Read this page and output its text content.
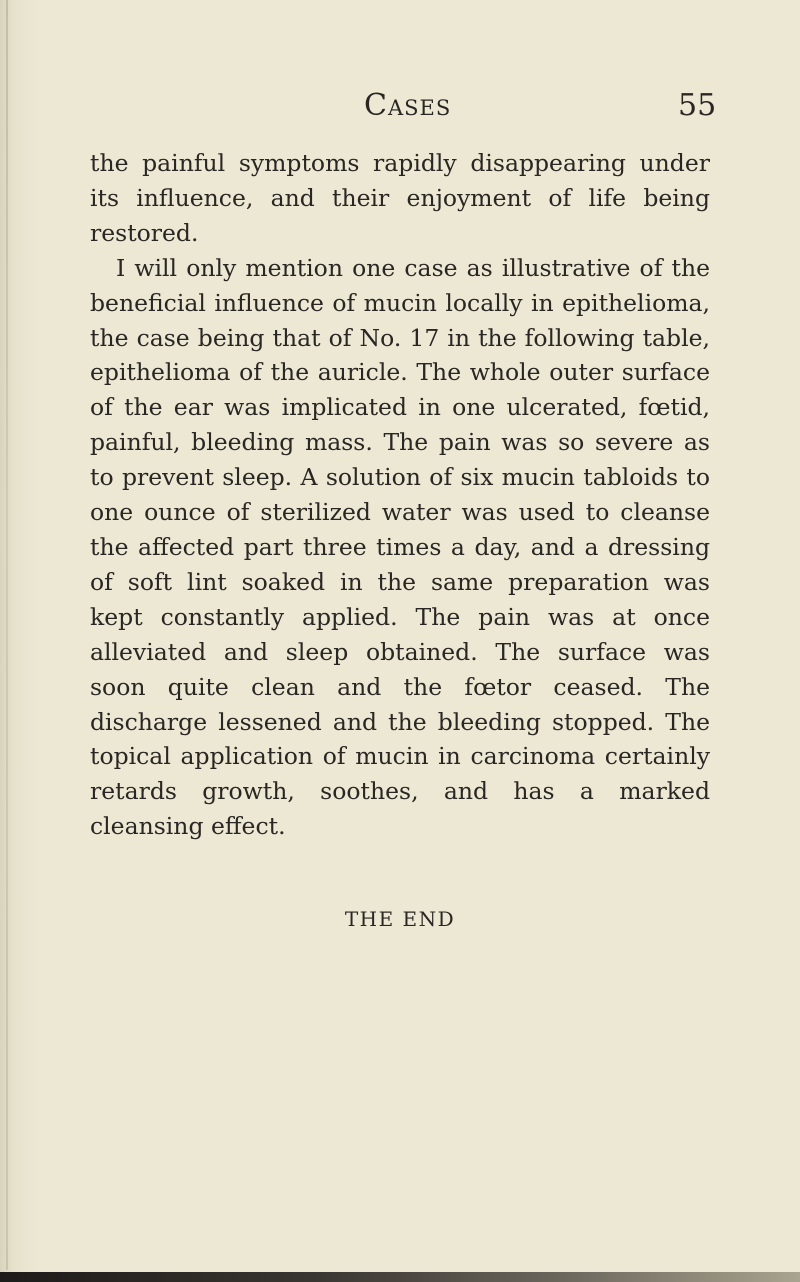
Cases	55

the painful symptoms rapidly disappearing under its influence, and their enjoyment of life being restored.

I will only mention one case as illustrative of the beneficial influence of mucin locally in epithelioma, the case being that of No. 17 in the following table, epithelioma of the auricle. The whole outer surface of the ear was implicated in one ulcerated, fœtid, painful, bleeding mass. The pain was so severe as to prevent sleep. A solution of six mucin tabloids to one ounce of sterilized water was used to cleanse the affected part three times a day, and a dressing of soft lint soaked in the same preparation was kept constantly applied. The pain was at once alleviated and sleep obtained. The surface was soon quite clean and the fœtor ceased. The discharge lessened and the bleeding stopped. The topical application of mucin in carcinoma certainly retards growth, soothes, and has a marked cleansing effect.

THE END
